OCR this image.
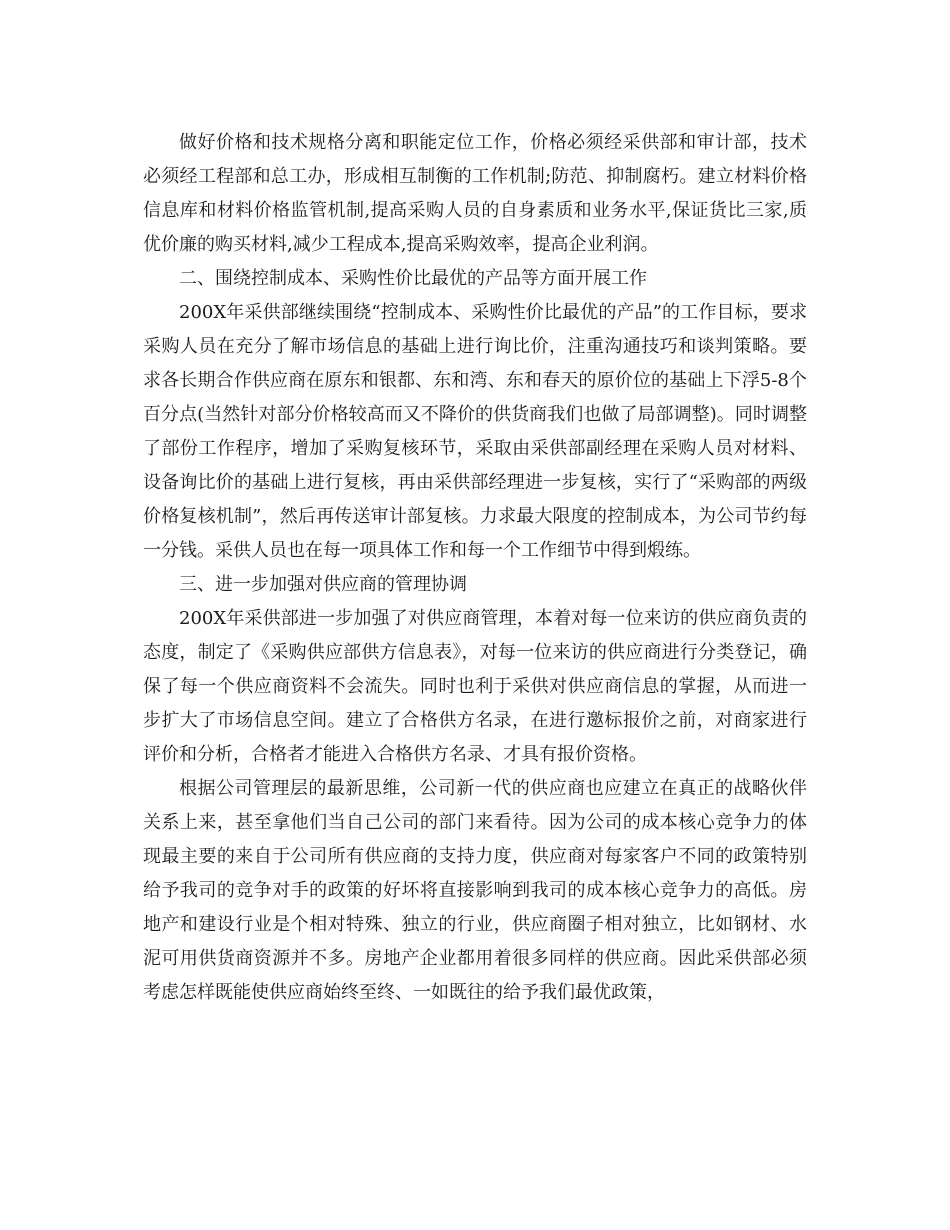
做好价格和技术规格分离和职能定位工作，价格必须经采供部和审计部，技术必须经工程部和总工办，形成相互制衡的工作机制;防范、抑制腐朽。建立材料价格信息库和材料价格监管机制,提高采购人员的自身素质和业务水平,保证货比三家,质优价廉的购买材料,减少工程成本,提高采购效率，提高企业利润。

二、围绕控制成本、采购性价比最优的产品等方面开展工作

200X年采供部继续围绕“控制成本、采购性价比最优的产品”的工作目标，要求采购人员在充分了解市场信息的基础上进行询比价，注重沟通技巧和谈判策略。要求各长期合作供应商在原东和银都、东和湾、东和春天的原价位的基础上下浮5-8个百分点(当然针对部分价格较高而又不降价的供货商我们也做了局部调整)。同时调整了部份工作程序，增加了采购复核环节，采取由采供部副经理在采购人员对材料、设备询比价的基础上进行复核，再由采供部经理进一步复核，实行了“采购部的两级价格复核机制”，然后再传送审计部复核。力求最大限度的控制成本，为公司节约每一分钱。采供人员也在每一项具体工作和每一个工作细节中得到煅练。

三、进一步加强对供应商的管理协调

200X年采供部进一步加强了对供应商管理，本着对每一位来访的供应商负责的态度，制定了《采购供应部供方信息表》，对每一位来访的供应商进行分类登记，确保了每一个供应商资料不会流失。同时也利于采供对供应商信息的掌握，从而进一步扩大了市场信息空间。建立了合格供方名录，在进行邀标报价之前，对商家进行评价和分析，合格者才能进入合格供方名录、才具有报价资格。

根据公司管理层的最新思维，公司新一代的供应商也应建立在真正的战略伙伴关系上来，甚至拿他们当自己公司的部门来看待。因为公司的成本核心竞争力的体现最主要的来自于公司所有供应商的支持力度，供应商对每家客户不同的政策特别给予我司的竞争对手的政策的好坏将直接影响到我司的成本核心竞争力的高低。房地产和建设行业是个相对特殊、独立的行业，供应商圈子相对独立，比如钢材、水泥可用供货商资源并不多。房地产企业都用着很多同样的供应商。因此采供部必须考虑怎样既能使供应商始终至终、一如既往的给予我们最优政策，
